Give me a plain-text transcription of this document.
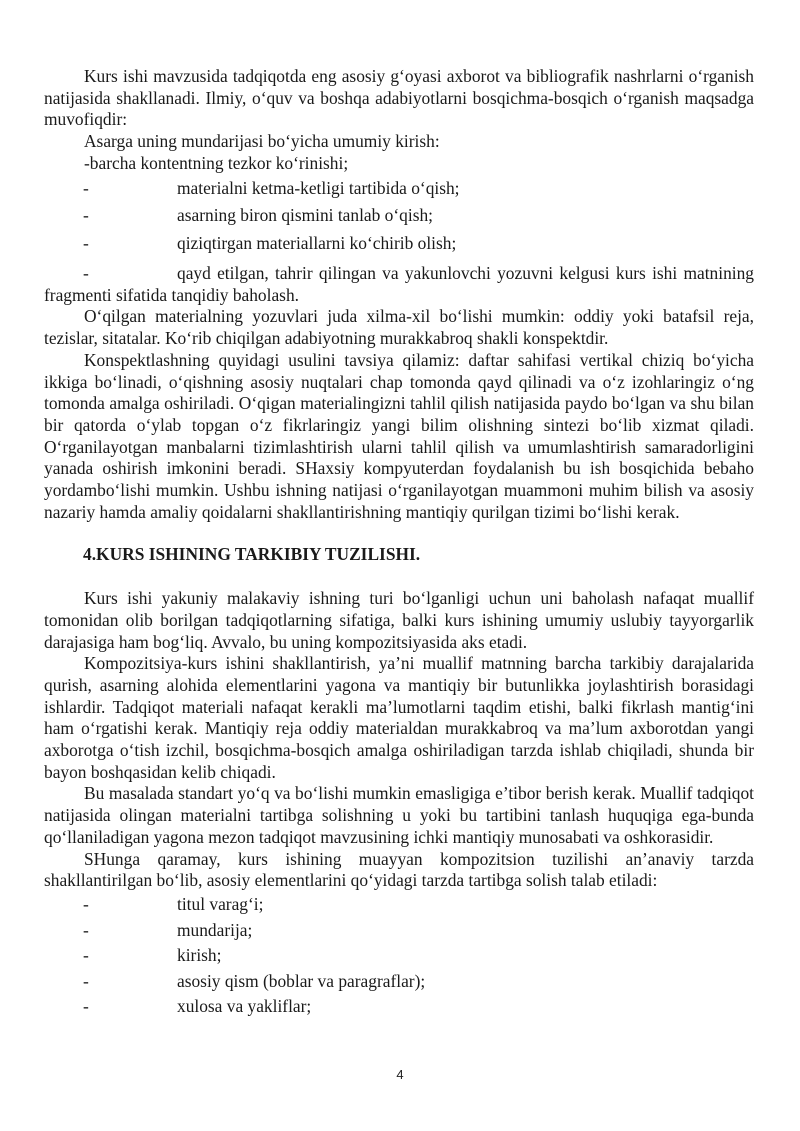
Kurs ishi mavzusida tadqiqotda eng asosiy g‘oyasi axborot va bibliografik nashrlarni o‘rganish natijasida shakllanadi. Ilmiy, o‘quv va boshqa adabiyotlarni bosqichma-bosqich o‘rganish maqsadga muvofiqdir:

Asarga uning mundarijasi bo‘yicha umumiy kirish:

-barcha kontentning tezkor ko‘rinishi;

-	materialni ketma-ketligi tartibida o‘qish;
-	asarning biron qismini tanlab o‘qish;
-	qiziqtirgan materiallarni ko‘chirib olish;

-	qayd etilgan, tahrir qilingan va yakunlovchi yozuvni kelgusi kurs ishi matnining fragmenti sifatida tanqidiy baholash.

O‘qilgan materialning yozuvlari juda xilma-xil bo‘lishi mumkin: oddiy yoki batafsil reja, tezislar, sitatalar. Ko‘rib chiqilgan adabiyotning murakkabroq shakli konspektdir.

Konspektlashning quyidagi usulini tavsiya qilamiz: daftar sahifasi vertikal chiziq bo‘yicha ikkiga bo‘linadi, o‘qishning asosiy nuqtalari chap tomonda qayd qilinadi va o‘z izohlaringiz o‘ng tomonda amalga oshiriladi. O‘qigan materialingizni tahlil qilish natijasida paydo bo‘lgan va shu bilan bir qatorda o‘ylab topgan o‘z fikrlaringiz yangi bilim olishning sintezi bo‘lib xizmat qiladi. O‘rganilayotgan manbalarni tizimlashtirish ularni tahlil qilish va umumlashtirish samaradorligini yanada oshirish imkonini beradi. SHaxsiy kompyuterdan foydalanish bu ish bosqichida bebaho yordambo‘lishi mumkin. Ushbu ishning natijasi o‘rganilayotgan muammoni muhim bilish va asosiy nazariy hamda amaliy qoidalarni shakllantirishning mantiqiy qurilgan tizimi bo‘lishi kerak.

4.KURS ISHINING TARKIBIY TUZILISHI.

Kurs ishi yakuniy malakaviy ishning turi bo‘lganligi uchun uni baholash nafaqat muallif tomonidan olib borilgan tadqiqotlarning sifatiga, balki kurs ishining umumiy uslubiy tayyorgarlik darajasiga ham bog‘liq. Avvalo, bu uning kompozitsiyasida aks etadi.

Kompozitsiya-kurs ishini shakllantirish, ya’ni muallif matnning barcha tarkibiy darajalarida qurish, asarning alohida elementlarini yagona va mantiqiy bir butunlikka joylashtirish borasidagi ishlardir. Tadqiqot materiali nafaqat kerakli ma’lumotlarni taqdim etishi, balki fikrlash mantig‘ini ham o‘rgatishi kerak. Mantiqiy reja oddiy materialdan murakkabroq va ma’lum axborotdan yangi axborotga o‘tish izchil, bosqichma-bosqich amalga oshiriladigan tarzda ishlab chiqiladi, shunda bir bayon boshqasidan kelib chiqadi.

Bu masalada standart yo‘q va bo‘lishi mumkin emasligiga e’tibor berish kerak. Muallif tadqiqot natijasida olingan materialni tartibga solishning u yoki bu tartibini tanlash huquqiga ega-bunda qo‘llaniladigan yagona mezon tadqiqot mavzusining ichki mantiqiy munosabati va oshkorasidir.

SHunga qaramay, kurs ishining muayyan kompozitsion tuzilishi an’anaviy tarzda shakllantirilgan bo‘lib, asosiy elementlarini qo‘yidagi tarzda tartibga solish talab etiladi:

-	titul varag‘i;
-	mundarija;
-	kirish;
-	asosiy qism (boblar va paragraflar);
-	xulosa va yakliflar;
4
